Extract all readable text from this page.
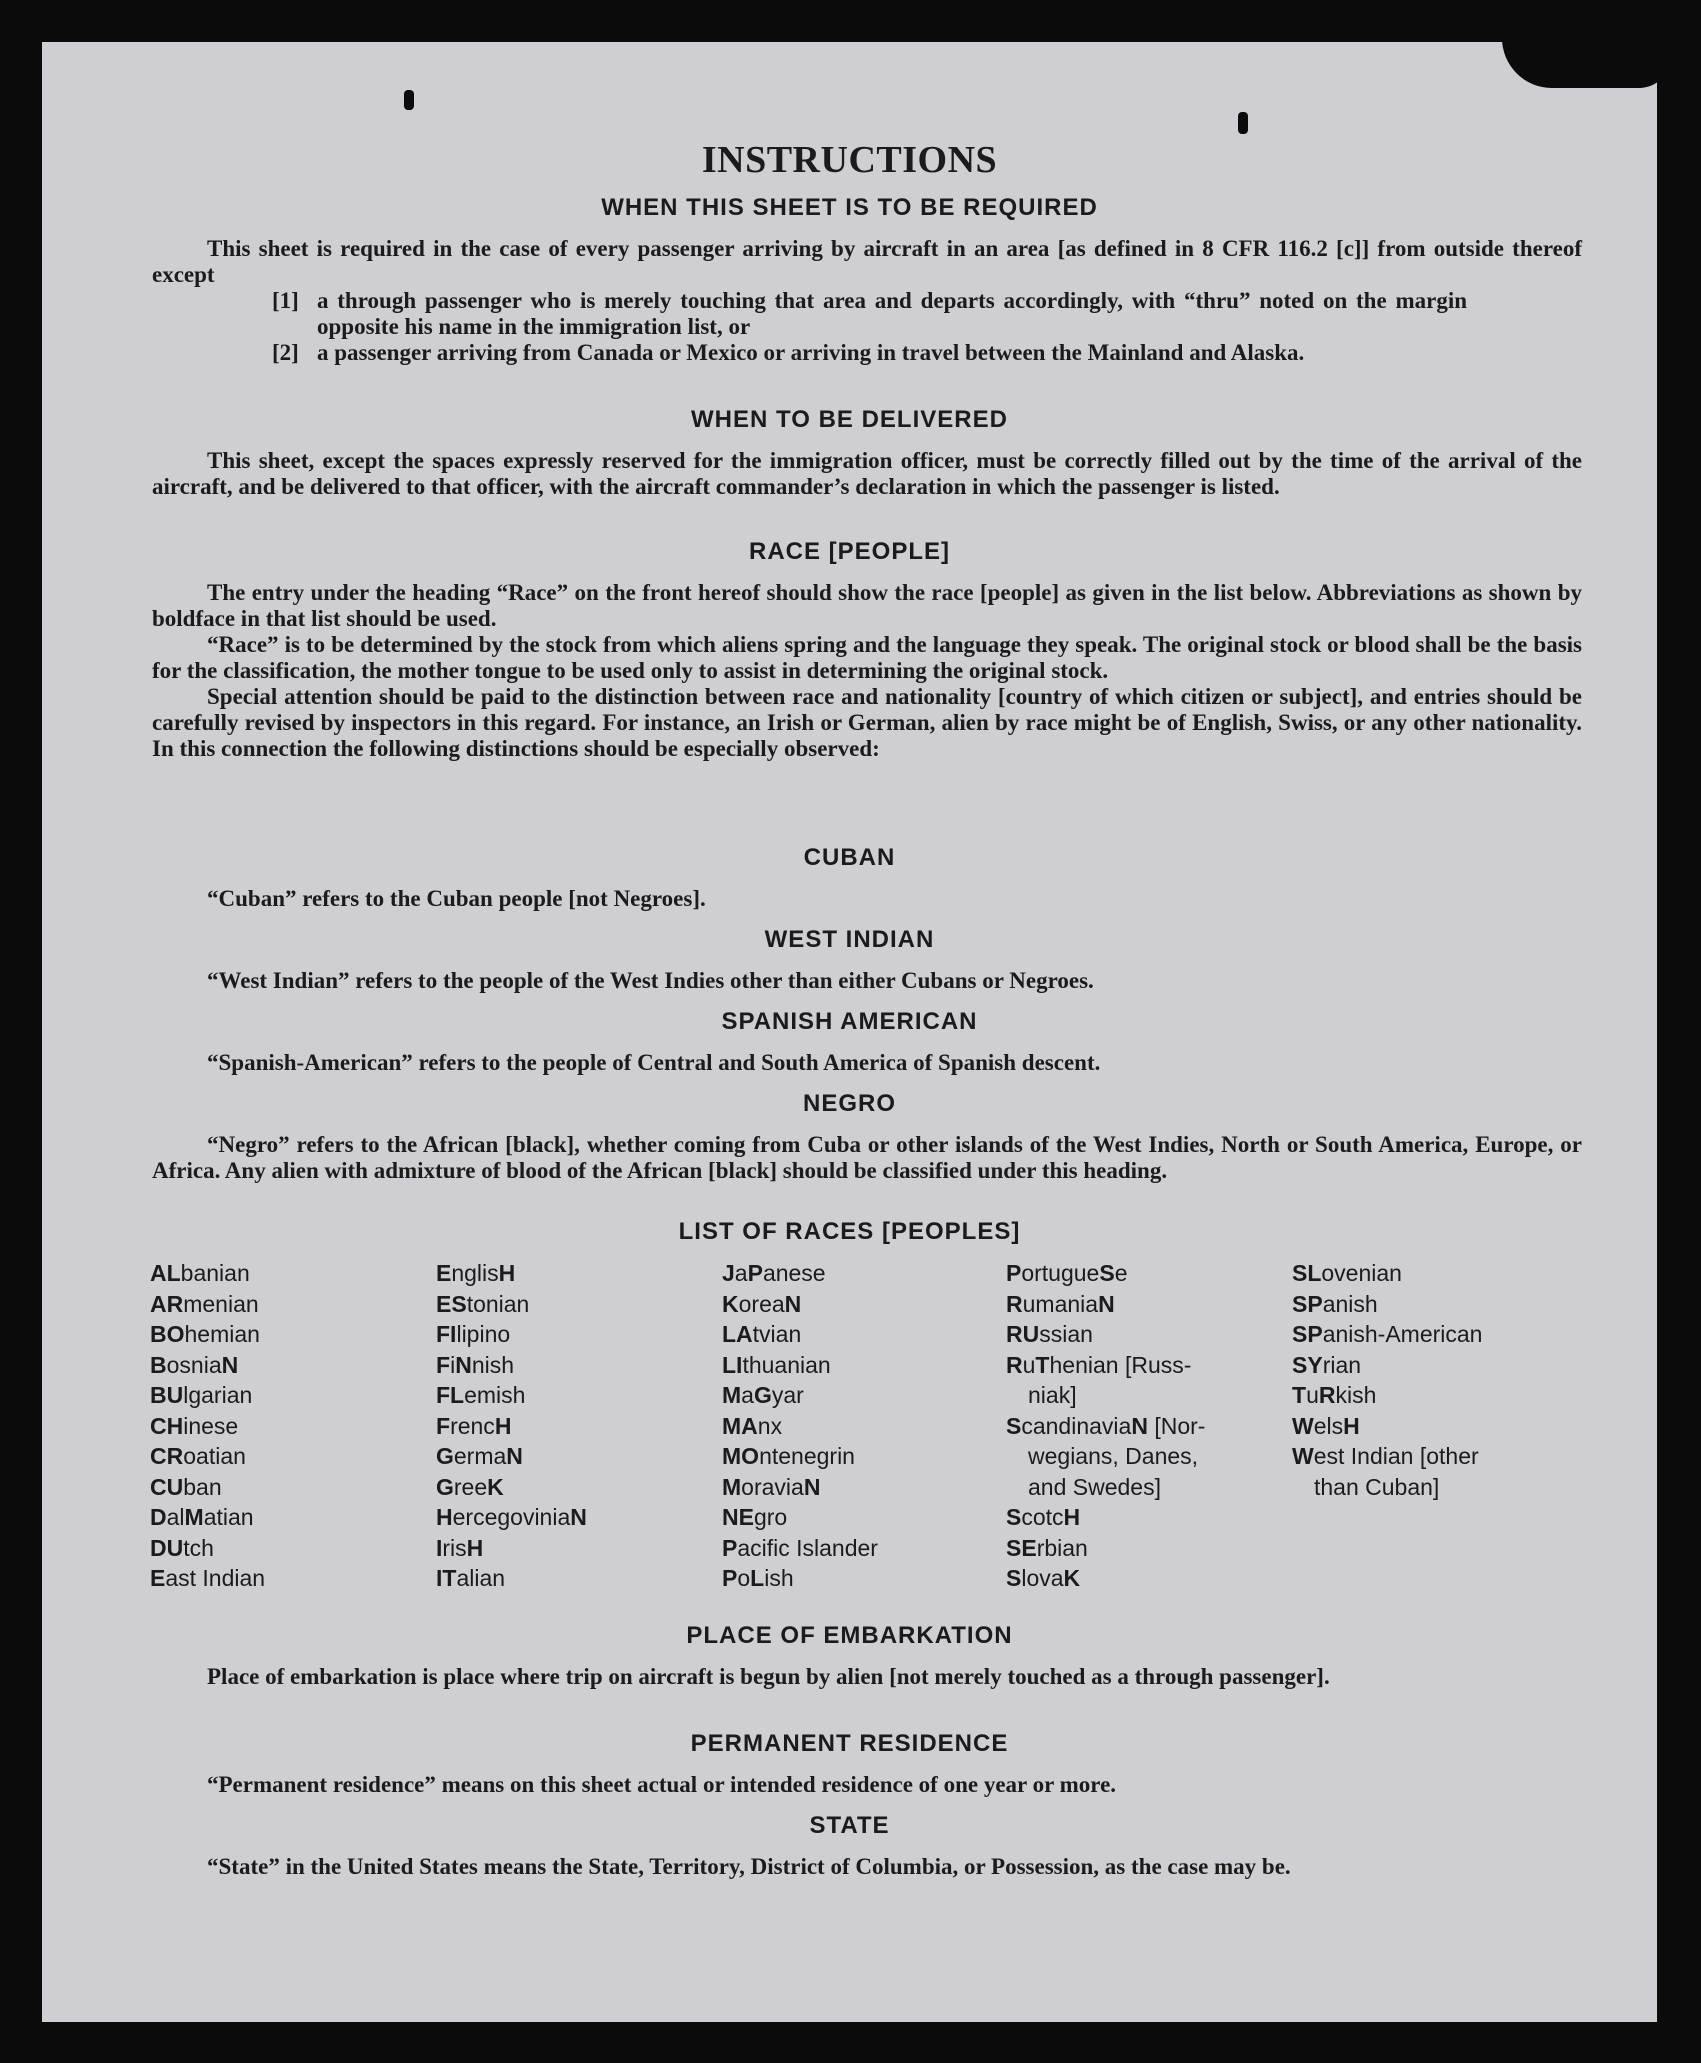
INSTRUCTIONS
WHEN THIS SHEET IS TO BE REQUIRED

This sheet is required in the case of every passenger arriving by aircraft in an area [as defined in 8 CFR 116.2 [c]] from outside thereof except

[1] a through passenger who is merely touching that area and departs accordingly, with “thru” noted on the margin opposite his name in the immigration list, or
[2] a passenger arriving from Canada or Mexico or arriving in travel between the Mainland and Alaska.
WHEN TO BE DELIVERED

This sheet, except the spaces expressly reserved for the immigration officer, must be correctly filled out by the time of the arrival of the aircraft, and be delivered to that officer, with the aircraft commander’s declaration in which the passenger is listed.

RACE [PEOPLE]

The entry under the heading “Race” on the front hereof should show the race [people] as given in the list below. Abbreviations as shown by boldface in that list should be used.

“Race” is to be determined by the stock from which aliens spring and the language they speak. The original stock or blood shall be the basis for the classification, the mother tongue to be used only to assist in determining the original stock.

Special attention should be paid to the distinction between race and nationality [country of which citizen or subject], and entries should be carefully revised by inspectors in this regard. For instance, an Irish or German, alien by race might be of English, Swiss, or any other nationality. In this connection the following distinctions should be especially observed:

CUBAN

“Cuban” refers to the Cuban people [not Negroes].

WEST INDIAN

“West Indian” refers to the people of the West Indies other than either Cubans or Negroes.

SPANISH AMERICAN

“Spanish-American” refers to the people of Central and South America of Spanish descent.

NEGRO

“Negro” refers to the African [black], whether coming from Cuba or other islands of the West Indies, North or South America, Europe, or Africa. Any alien with admixture of blood of the African [black] should be classified under this heading.

LIST OF RACES [PEOPLES]
ALbanian
ARmenian
BOhemian
BosniaN
BUlgarian
CHinese
CRoatian
CUban
DalMatian
DUtch
East Indian
EnglisH
EStonian
FIlipino
FiNnish
FLemish
FrencH
GermaN
GreeK
HercegoviniaN
IrisH
ITalian
JaPanese
KoreaN
LAtvian
LIthuanian
MaGyar
MAnx
MOntenegrin
MoraviaN
NEgro
Pacific Islander
PoLish
PortugueSe
RumaniaN
RUssian
RuThenian [Russ-
niak]
ScandinaviaN [Nor-
wegians, Danes,
and Swedes]
ScotcH
SErbian
SlovaK
SLovenian
SPanish
SPanish-American
SYrian
TuRkish
WelsH
West Indian [other
than Cuban]
PLACE OF EMBARKATION

Place of embarkation is place where trip on aircraft is begun by alien [not merely touched as a through passenger].

PERMANENT RESIDENCE

“Permanent residence” means on this sheet actual or intended residence of one year or more.

STATE

“State” in the United States means the State, Territory, District of Columbia, or Possession, as the case may be.
